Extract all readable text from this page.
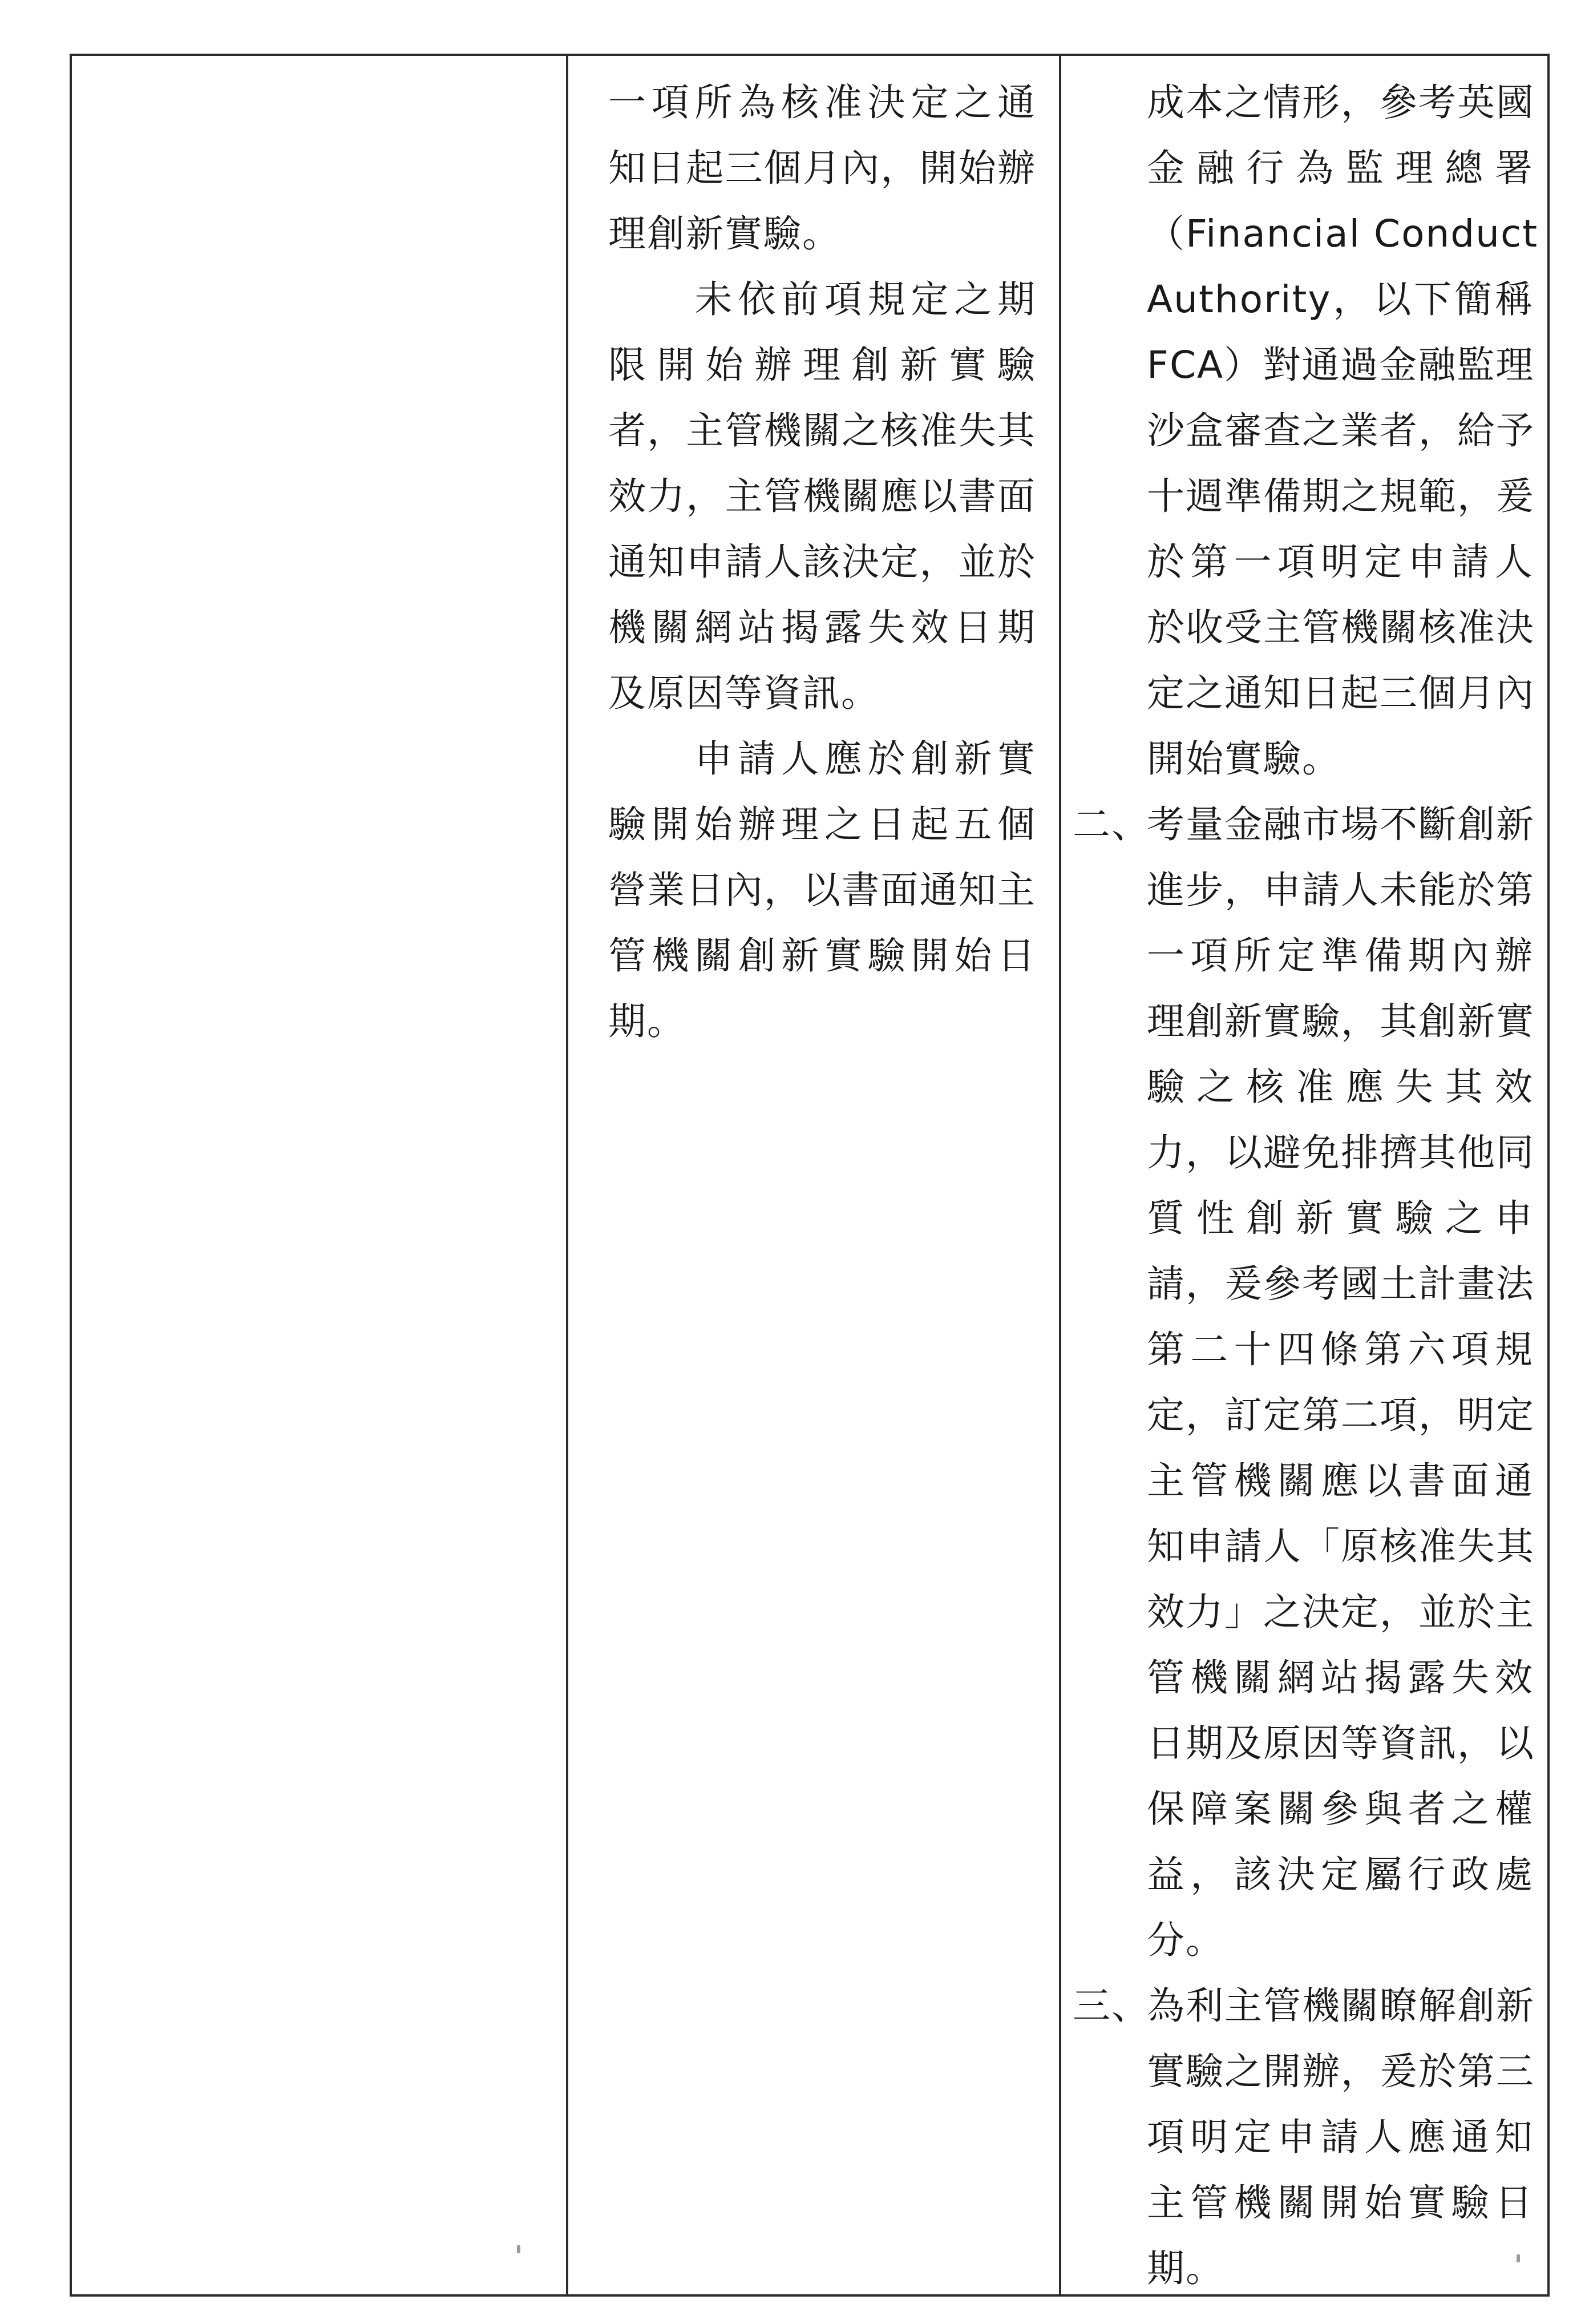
一項所為核准決定之通
知日起三個月內，開始辦
理創新實驗。
　　未依前項規定之期
限開始辦理創新實驗
者，主管機關之核准失其
效力，主管機關應以書面
通知申請人該決定，並於
機關網站揭露失效日期
及原因等資訊。
　　申請人應於創新實
驗開始辦理之日起五個
營業日內，以書面通知主
管機關創新實驗開始日
期。
成本之情形，參考英國
金融行為監理總署
（Financial Conduct
Authority，以下簡稱
FCA）對通過金融監理
沙盒審查之業者，給予
十週準備期之規範，爰
於第一項明定申請人
於收受主管機關核准決
定之通知日起三個月內
開始實驗。
二、
考量金融市場不斷創新
進步，申請人未能於第
一項所定準備期內辦
理創新實驗，其創新實
驗之核准應失其效
力，以避免排擠其他同
質性創新實驗之申
請，爰參考國土計畫法
第二十四條第六項規
定，訂定第二項，明定
主管機關應以書面通
知申請人「原核准失其
效力」之決定，並於主
管機關網站揭露失效
日期及原因等資訊，以
保障案關參與者之權
益，該決定屬行政處
分。
三、
為利主管機關瞭解創新
實驗之開辦，爰於第三
項明定申請人應通知
主管機關開始實驗日
期。
